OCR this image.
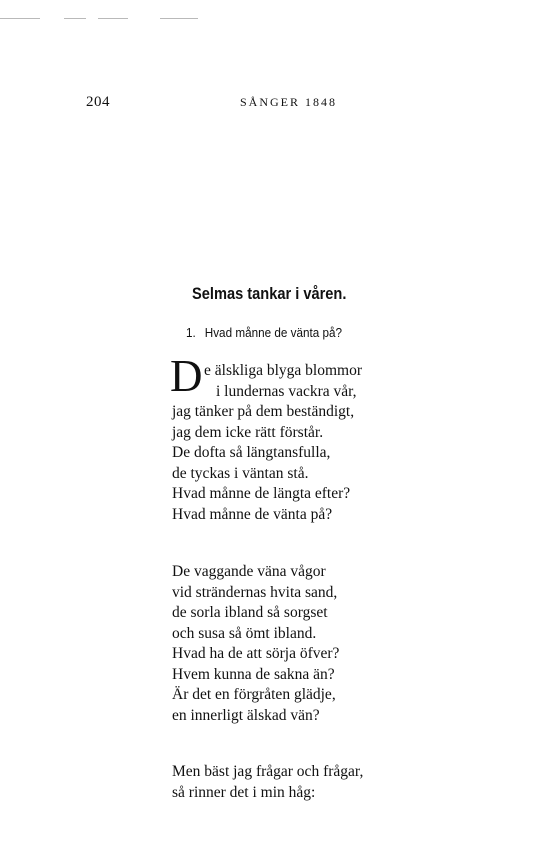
204	SÅNGER 1848
Selmas tankar i våren.
1. Hvad månne de vänta på?
D e älskliga blyga blommor
i lundernas vackra vår,
jag tänker på dem beständigt,
jag dem icke rätt förstår.
De dofta så längtansfulla,
de tyckas i väntan stå.
Hvad månne de längta efter?
Hvad månne de vänta på?
De vaggande väna vågor
vid strändernas hvita sand,
de sorla ibland så sorgset
och susa så ömt ibland.
Hvad ha de att sörja öfver?
Hvem kunna de sakna än?
Är det en förgråten glädje,
en innerligt älskad vän?
Men bäst jag frågar och frågar,
så rinner det i min håg:
